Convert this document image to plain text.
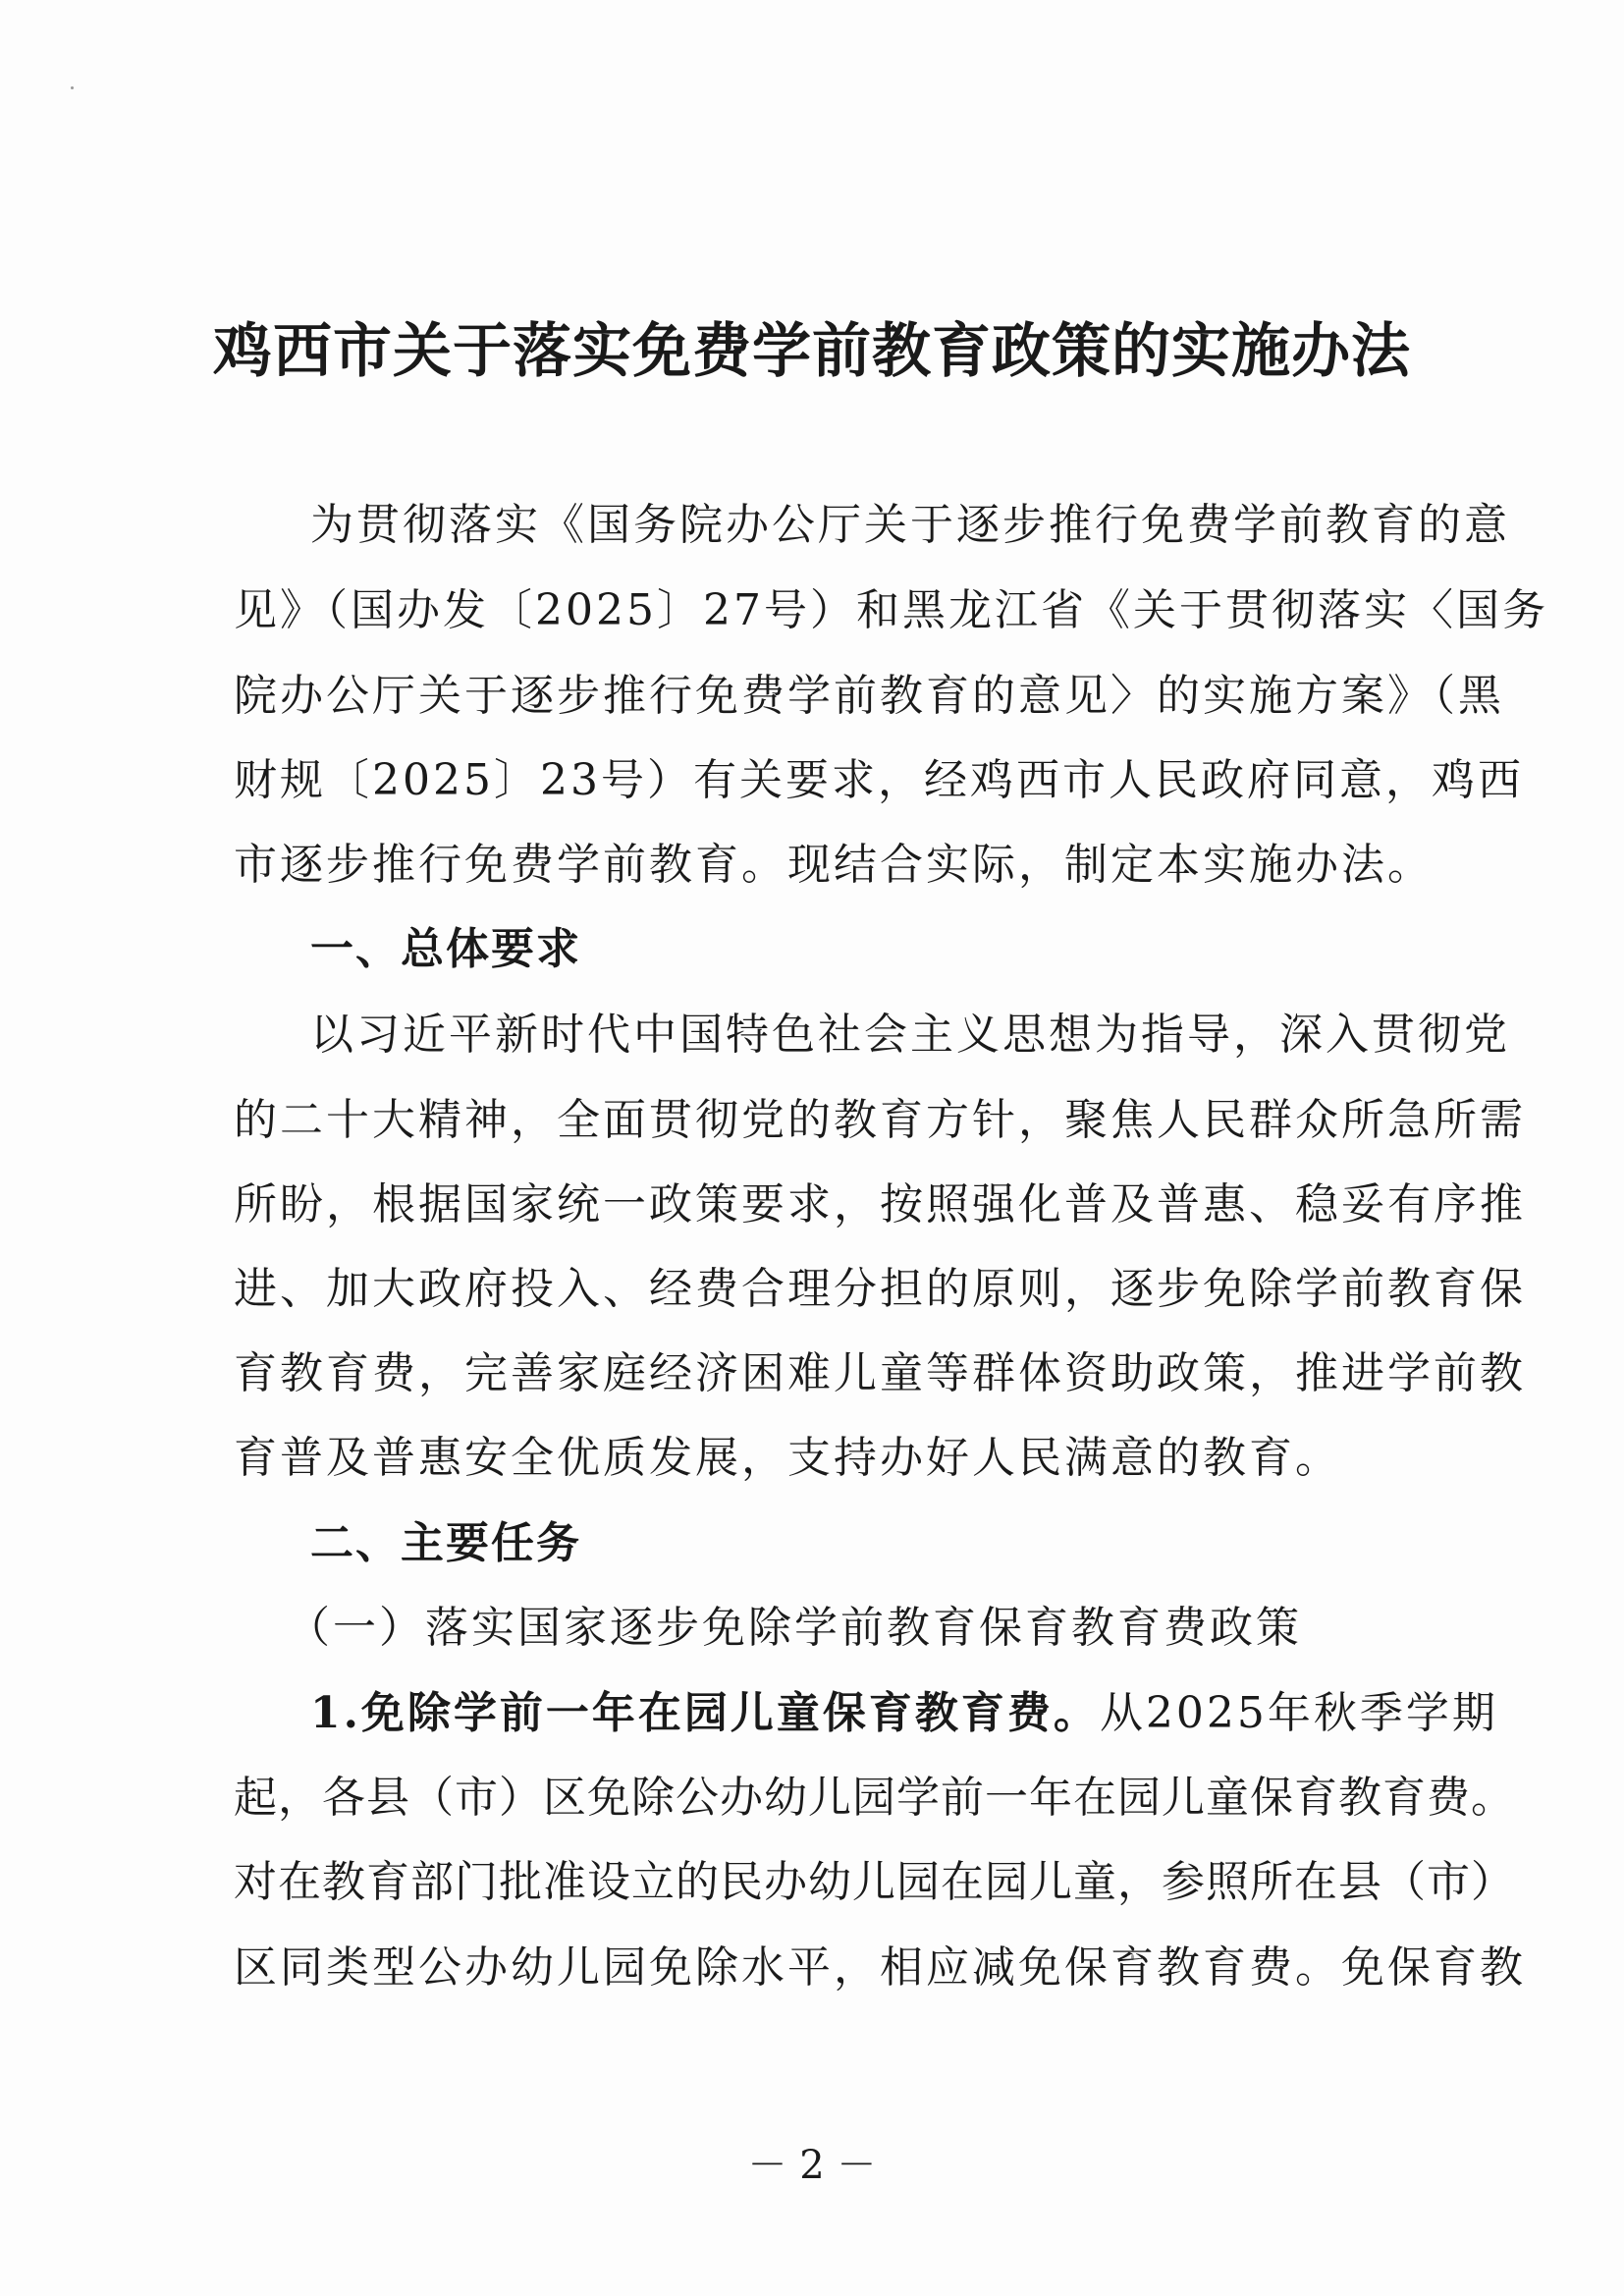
鸡西市关于落实免费学前教育政策的实施办法
为贯彻落实《国务院办公厅关于逐步推行免费学前教育的意
见》（国办发〔2025〕27号）和黑龙江省《关于贯彻落实〈国务
院办公厅关于逐步推行免费学前教育的意见〉的实施方案》（黑
财规〔2025〕23号）有关要求，经鸡西市人民政府同意，鸡西
市逐步推行免费学前教育。现结合实际，制定本实施办法。
一、总体要求
以习近平新时代中国特色社会主义思想为指导，深入贯彻党
的二十大精神，全面贯彻党的教育方针，聚焦人民群众所急所需
所盼，根据国家统一政策要求，按照强化普及普惠、稳妥有序推
进、加大政府投入、经费合理分担的原则，逐步免除学前教育保
育教育费，完善家庭经济困难儿童等群体资助政策，推进学前教
育普及普惠安全优质发展，支持办好人民满意的教育。
二、主要任务
（一）落实国家逐步免除学前教育保育教育费政策
1.免除学前一年在园儿童保育教育费。从2025年秋季学期
起，各县（市）区免除公办幼儿园学前一年在园儿童保育教育费。
对在教育部门批准设立的民办幼儿园在园儿童，参照所在县（市）
区同类型公办幼儿园免除水平，相应减免保育教育费。免保育教
－ 2 －
